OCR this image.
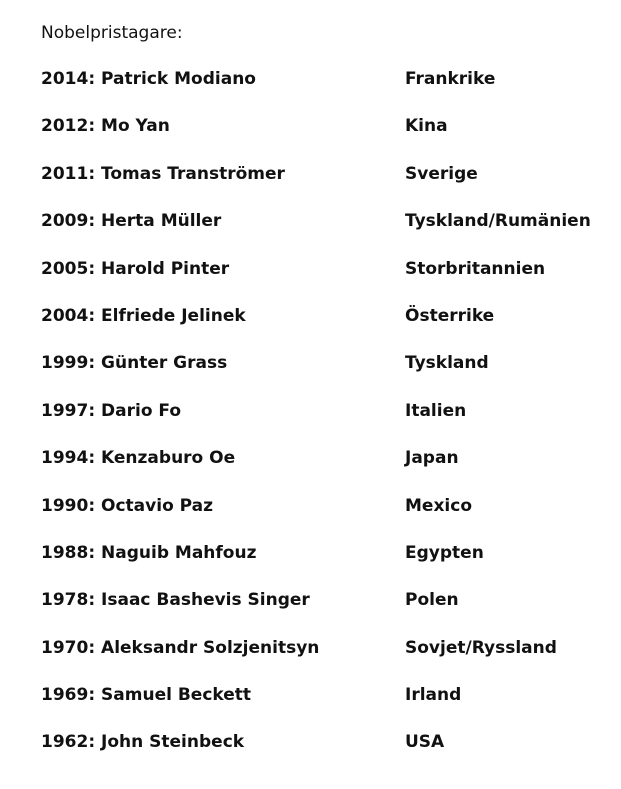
Nobelpristagare:
2014: Patrick Modiano	Frankrike
2012: Mo Yan	Kina
2011: Tomas Tranströmer	Sverige
2009: Herta Müller	Tyskland/Rumänien
2005: Harold Pinter	Storbritannien
2004: Elfriede Jelinek	Österrike
1999: Günter Grass	Tyskland
1997: Dario Fo	Italien
1994: Kenzaburo Oe	Japan
1990: Octavio Paz	Mexico
1988: Naguib Mahfouz	Egypten
1978: Isaac Bashevis Singer	Polen
1970: Aleksandr Solzjenitsyn	Sovjet/Ryssland
1969: Samuel Beckett	Irland
1962: John Steinbeck	USA
